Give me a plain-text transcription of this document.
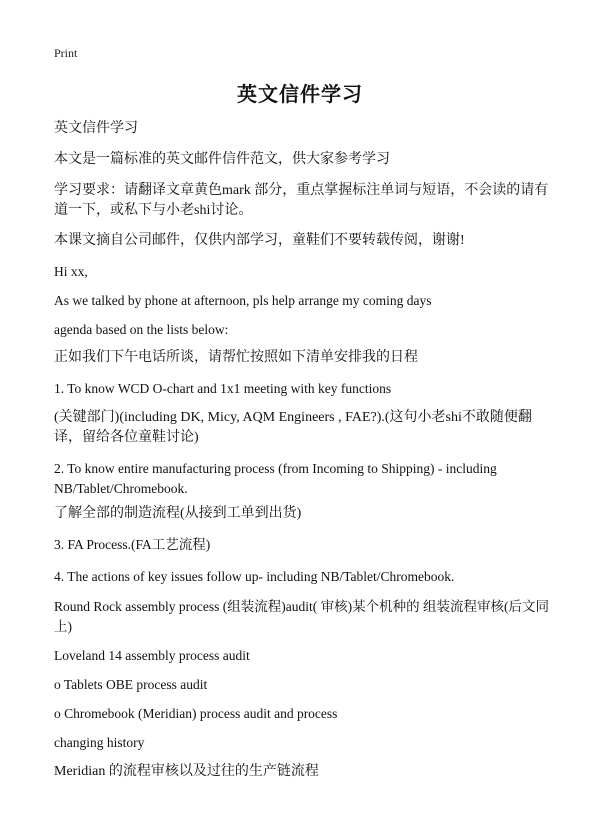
Print
英文信件学习

英文信件学习

本文是一篇标准的英文邮件信件范文，供大家参考学习

学习要求：请翻译文章黄色mark 部分，重点掌握标注单词与短语，不会读的请有道一下，或私下与小老shi讨论。

本课文摘自公司邮件，仅供内部学习，童鞋们不要转载传阅，谢谢!

Hi xx,

As we talked by phone at afternoon, pls help arrange my coming days

agenda based on the lists below:

正如我们下午电话所谈，请帮忙按照如下清单安排我的日程

1. To know WCD O-chart and 1x1 meeting with key functions

(关键部门)(including DK, Micy, AQM Engineers , FAE?).(这句小老shi不敢随便翻译，留给各位童鞋讨论)

2. To know entire manufacturing process (from Incoming to Shipping) - including NB/Tablet/Chromebook.

了解全部的制造流程(从接到工单到出货)

3. FA Process.(FA工艺流程)

4. The actions of key issues follow up- including NB/Tablet/Chromebook.

Round Rock assembly process (组装流程)audit( 审核)某个机种的 组装流程审核(后文同上)

Loveland 14 assembly process audit

o Tablets OBE process audit

o Chromebook (Meridian) process audit and process

changing history

Meridian 的流程审核以及过往的生产链流程
